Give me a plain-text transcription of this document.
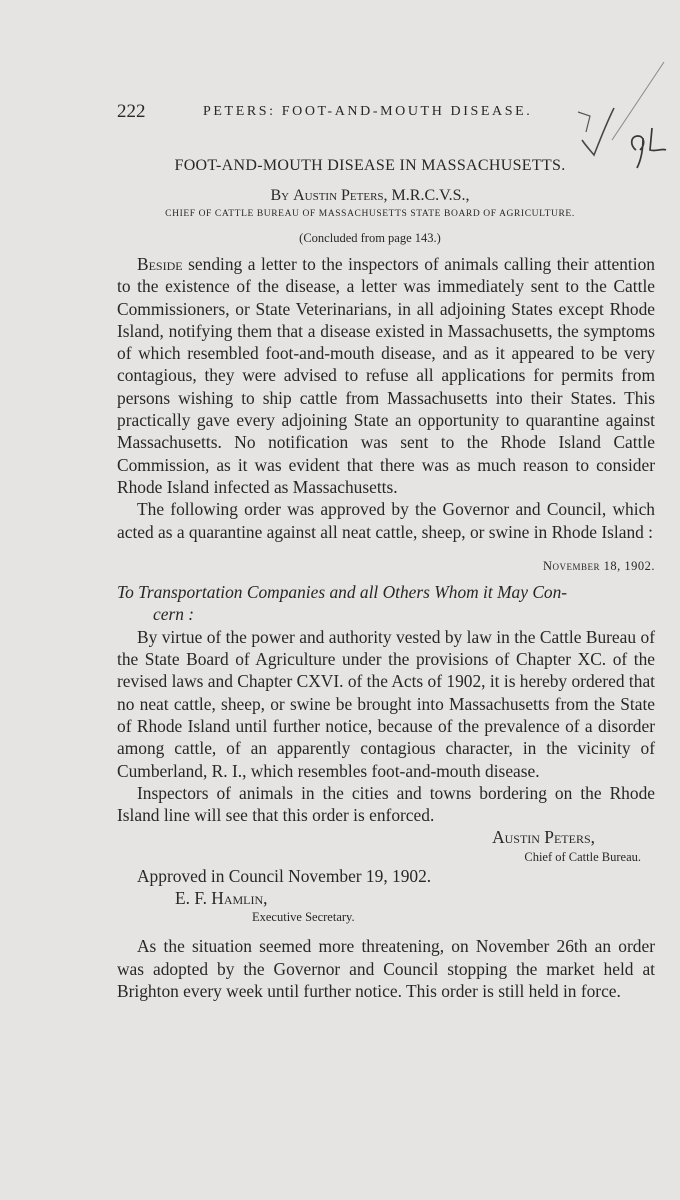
222	PETERS: FOOT-AND-MOUTH DISEASE.
FOOT-AND-MOUTH DISEASE IN MASSACHUSETTS.
By Austin Peters, M.R.C.V.S.,
CHIEF OF CATTLE BUREAU OF MASSACHUSETTS STATE BOARD OF AGRICULTURE.
(Concluded from page 143.)

Beside sending a letter to the inspectors of animals calling their attention to the existence of the disease, a letter was immediately sent to the Cattle Commissioners, or State Veterinarians, in all adjoining States except Rhode Island, notifying them that a disease existed in Massachusetts, the symptoms of which resembled foot-and-mouth disease, and as it appeared to be very contagious, they were advised to refuse all applications for permits from persons wishing to ship cattle from Massachusetts into their States. This practically gave every adjoining State an opportunity to quarantine against Massachusetts. No notification was sent to the Rhode Island Cattle Commission, as it was evident that there was as much reason to consider Rhode Island infected as Massachusetts.

The following order was approved by the Governor and Council, which acted as a quarantine against all neat cattle, sheep, or swine in Rhode Island :

November 18, 1902.

To Transportation Companies and all Others Whom it May Con-
cern :

By virtue of the power and authority vested by law in the Cattle Bureau of the State Board of Agriculture under the provisions of Chapter XC. of the revised laws and Chapter CXVI. of the Acts of 1902, it is hereby ordered that no neat cattle, sheep, or swine be brought into Massachusetts from the State of Rhode Island until further notice, because of the prevalence of a disorder among cattle, of an apparently contagious character, in the vicinity of Cumberland, R. I., which resembles foot-and-mouth disease.

Inspectors of animals in the cities and towns bordering on the Rhode Island line will see that this order is enforced.

Austin Peters,

Chief of Cattle Bureau.

Approved in Council November 19, 1902.

E. F. Hamlin,

Executive Secretary.

As the situation seemed more threatening, on November 26th an order was adopted by the Governor and Council stopping the market held at Brighton every week until further notice. This order is still held in force.
